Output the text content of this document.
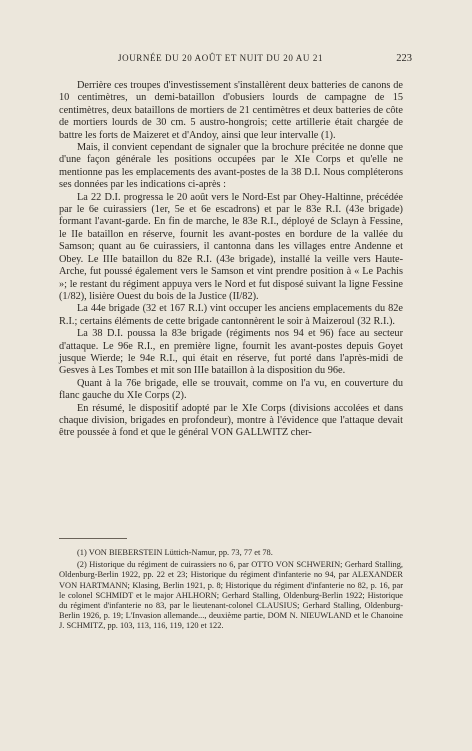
JOURNÉE DU 20 AOÛT ET NUIT DU 20 AU 21	223

Derrière ces troupes d'investissement s'installèrent deux batteries de canons de 10 centimètres, un demi-bataillon d'obusiers lourds de campagne de 15 centimètres, deux bataillons de mortiers de 21 centimètres et deux batteries de côte de mortiers lourds de 30 cm. 5 austro-hongrois; cette artillerie était chargée de battre les forts de Maizeret et d'Andoy, ainsi que leur intervalle (1).

Mais, il convient cependant de signaler que la brochure précitée ne donne que d'une façon générale les positions occupées par le XIe Corps et qu'elle ne mentionne pas les emplacements des avant-postes de la 38 D.I. Nous compléterons ses données par les indications ci-après :

La 22 D.I. progressa le 20 août vers le Nord-Est par Ohey-Haltinne, précédée par le 6e cuirassiers (1er, 5e et 6e escadrons) et par le 83e R.I. (43e brigade) formant l'avant-garde. En fin de marche, le 83e R.I., déployé de Sclayn à Fessine, le IIe bataillon en réserve, fournit les avant-postes en bordure de la vallée du Samson; quant au 6e cuirassiers, il cantonna dans les villages entre Andenne et Obey. Le IIIe bataillon du 82e R.I. (43e brigade), installé la veille vers Haute-Arche, fut poussé également vers le Samson et vint prendre position à « Le Pachis »; le restant du régiment appuya vers le Nord et fut disposé suivant la ligne Fessine (1/82), lisière Ouest du bois de la Justice (II/82).

La 44e brigade (32 et 167 R.I.) vint occuper les anciens emplacements du 82e R.I.; certains éléments de cette brigade cantonnèrent le soir à Maizeroul (32 R.I.).

La 38 D.I. poussa la 83e brigade (régiments nos 94 et 96) face au secteur d'attaque. Le 96e R.I., en première ligne, fournit les avant-postes depuis Goyet jusque Wierde; le 94e R.I., qui était en réserve, fut porté dans l'après-midi de Gesves à Les Tombes et mit son IIIe bataillon à la disposition du 96e.

Quant à la 76e brigade, elle se trouvait, comme on l'a vu, en couverture du flanc gauche du XIe Corps (2).

En résumé, le dispositif adopté par le XIe Corps (divisions accolées et dans chaque division, brigades en profondeur), montre à l'évidence que l'attaque devait être poussée à fond et que le général VON GALLWITZ cher-

(1) VON BIEBERSTEIN Lüttich-Namur, pp. 73, 77 et 78.

(2) Historique du régiment de cuirassiers no 6, par OTTO VON SCHWERIN; Gerhard Stalling, Oldenburg-Berlin 1922, pp. 22 et 23; Historique du régiment d'infanterie no 94, par ALEXANDER VON HARTMANN; Klasing, Berlin 1921, p. 8; Historique du régiment d'infanterie no 82, p. 16, par le colonel SCHMIDT et le major AHLHORN; Gerhard Stalling, Oldenburg-Berlin 1922; Historique du régiment d'infanterie no 83, par le lieutenant-colonel CLAUSIUS; Gerhard Stalling, Oldenburg-Berlin 1926, p. 19; L'Invasion allemande..., deuxième partie, DOM N. NIEUWLAND et le Chanoine J. SCHMITZ, pp. 103, 113, 116, 119, 120 et 122.
